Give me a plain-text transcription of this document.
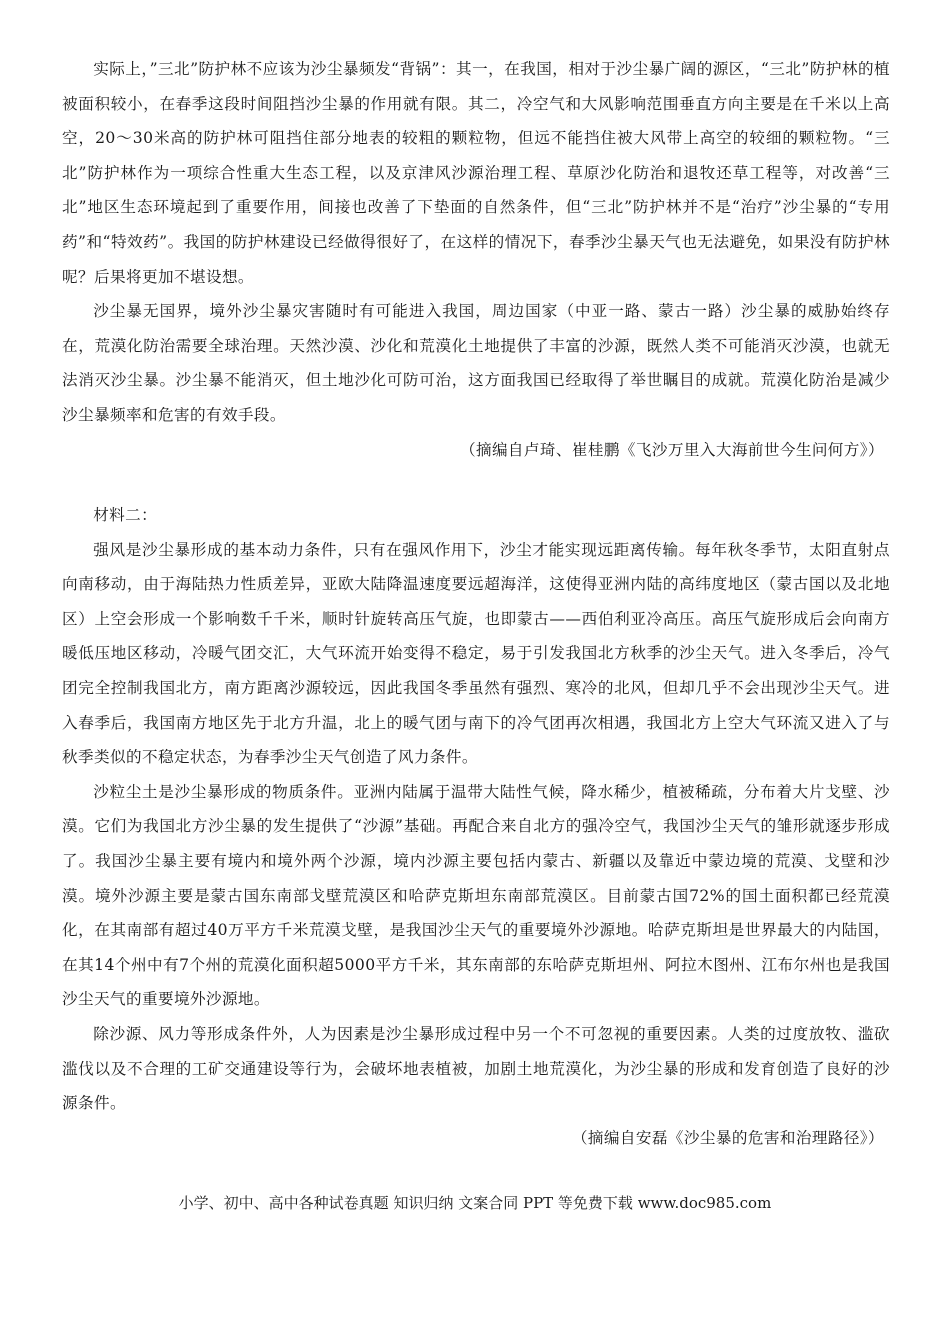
实际上，”三北”防护林不应该为沙尘暴频发“背锅”：其一，在我国，相对于沙尘暴广阔的源区，“三北”防护林的植被面积较小，在春季这段时间阻挡沙尘暴的作用就有限。其二，冷空气和大风影响范围垂直方向主要是在千米以上高空，20～30米高的防护林可阻挡住部分地表的较粗的颗粒物，但远不能挡住被大风带上高空的较细的颗粒物。“三北”防护林作为一项综合性重大生态工程，以及京津风沙源治理工程、草原沙化防治和退牧还草工程等，对改善“三北”地区生态环境起到了重要作用，间接也改善了下垫面的自然条件，但“三北”防护林并不是“治疗”沙尘暴的“专用药”和“特效药”。我国的防护林建设已经做得很好了，在这样的情况下，春季沙尘暴天气也无法避免，如果没有防护林呢？后果将更加不堪设想。

沙尘暴无国界，境外沙尘暴灾害随时有可能进入我国，周边国家（中亚一路、蒙古一路）沙尘暴的威胁始终存在，荒漠化防治需要全球治理。天然沙漠、沙化和荒漠化土地提供了丰富的沙源，既然人类不可能消灭沙漠，也就无法消灭沙尘暴。沙尘暴不能消灭，但土地沙化可防可治，这方面我国已经取得了举世瞩目的成就。荒漠化防治是减少沙尘暴频率和危害的有效手段。

（摘编自卢琦、崔桂鹏《飞沙万里入大海前世今生问何方》）

材料二：

强风是沙尘暴形成的基本动力条件，只有在强风作用下，沙尘才能实现远距离传输。每年秋冬季节，太阳直射点向南移动，由于海陆热力性质差异，亚欧大陆降温速度要远超海洋，这使得亚洲内陆的高纬度地区（蒙古国以及北地区）上空会形成一个影响数千千米，顺时针旋转高压气旋，也即蒙古——西伯利亚冷高压。高压气旋形成后会向南方暖低压地区移动，冷暖气团交汇，大气环流开始变得不稳定，易于引发我国北方秋季的沙尘天气。进入冬季后，冷气团完全控制我国北方，南方距离沙源较远，因此我国冬季虽然有强烈、寒冷的北风，但却几乎不会出现沙尘天气。进入春季后，我国南方地区先于北方升温，北上的暖气团与南下的冷气团再次相遇，我国北方上空大气环流又进入了与秋季类似的不稳定状态，为春季沙尘天气创造了风力条件。

沙粒尘土是沙尘暴形成的物质条件。亚洲内陆属于温带大陆性气候，降水稀少，植被稀疏，分布着大片戈壁、沙漠。它们为我国北方沙尘暴的发生提供了“沙源”基础。再配合来自北方的强冷空气，我国沙尘天气的雏形就逐步形成了。我国沙尘暴主要有境内和境外两个沙源，境内沙源主要包括内蒙古、新疆以及靠近中蒙边境的荒漠、戈壁和沙漠。境外沙源主要是蒙古国东南部戈壁荒漠区和哈萨克斯坦东南部荒漠区。目前蒙古国72%的国土面积都已经荒漠化，在其南部有超过40万平方千米荒漠戈壁，是我国沙尘天气的重要境外沙源地。哈萨克斯坦是世界最大的内陆国，在其14个州中有7个州的荒漠化面积超5000平方千米，其东南部的东哈萨克斯坦州、阿拉木图州、江布尔州也是我国沙尘天气的重要境外沙源地。

除沙源、风力等形成条件外，人为因素是沙尘暴形成过程中另一个不可忽视的重要因素。人类的过度放牧、滥砍滥伐以及不合理的工矿交通建设等行为，会破坏地表植被，加剧土地荒漠化，为沙尘暴的形成和发育创造了良好的沙源条件。

（摘编自安磊《沙尘暴的危害和治理路径》）

小学、初中、高中各种试卷真题 知识归纳 文案合同 PPT 等免费下载 www.doc985.com
